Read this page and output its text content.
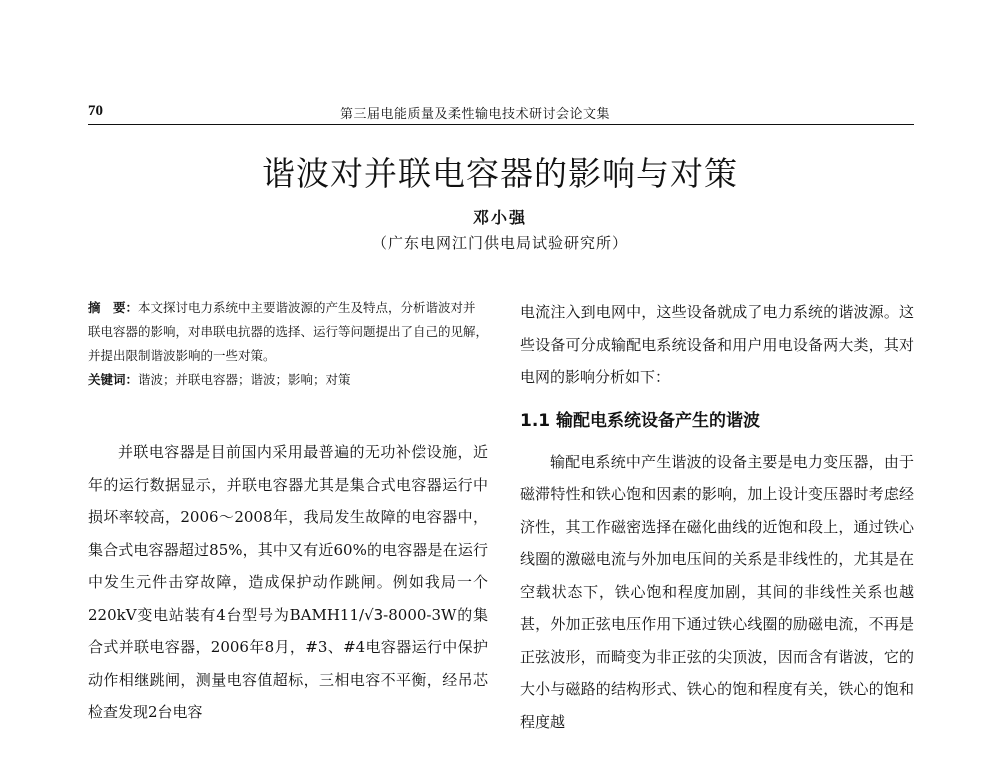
70	第三届电能质量及柔性输电技术研讨会论文集
谐波对并联电容器的影响与对策
邓小强
（广东电网江门供电局试验研究所）
摘　要：本文探讨电力系统中主要谐波源的产生及特点，分析谐波对并联电容器的影响，对串联电抗器的选择、运行等问题提出了自己的见解，并提出限制谐波影响的一些对策。
关键词：谐波；并联电容器；谐波；影响；对策

并联电容器是目前国内采用最普遍的无功补偿设施，近年的运行数据显示，并联电容器尤其是集合式电容器运行中损坏率较高，2006～2008年，我局发生故障的电容器中，集合式电容器超过85%，其中又有近60%的电容器是在运行中发生元件击穿故障，造成保护动作跳闸。例如我局一个220kV变电站装有4台型号为BAMH11/√3-8000-3W的集合式并联电容器，2006年8月，#3、#4电容器运行中保护动作相继跳闸，测量电容值超标，三相电容不平衡，经吊芯检查发现2台电容

电流注入到电网中，这些设备就成了电力系统的谐波源。这些设备可分成输配电系统设备和用户用电设备两大类，其对电网的影响分析如下：

1.1 输配电系统设备产生的谐波

输配电系统中产生谐波的设备主要是电力变压器，由于磁滞特性和铁心饱和因素的影响，加上设计变压器时考虑经济性，其工作磁密选择在磁化曲线的近饱和段上，通过铁心线圈的激磁电流与外加电压间的关系是非线性的，尤其是在空载状态下，铁心饱和程度加剧，其间的非线性关系也越甚，外加正弦电压作用下通过铁心线圈的励磁电流，不再是正弦波形，而畸变为非正弦的尖顶波，因而含有谐波，它的大小与磁路的结构形式、铁心的饱和程度有关，铁心的饱和程度越
